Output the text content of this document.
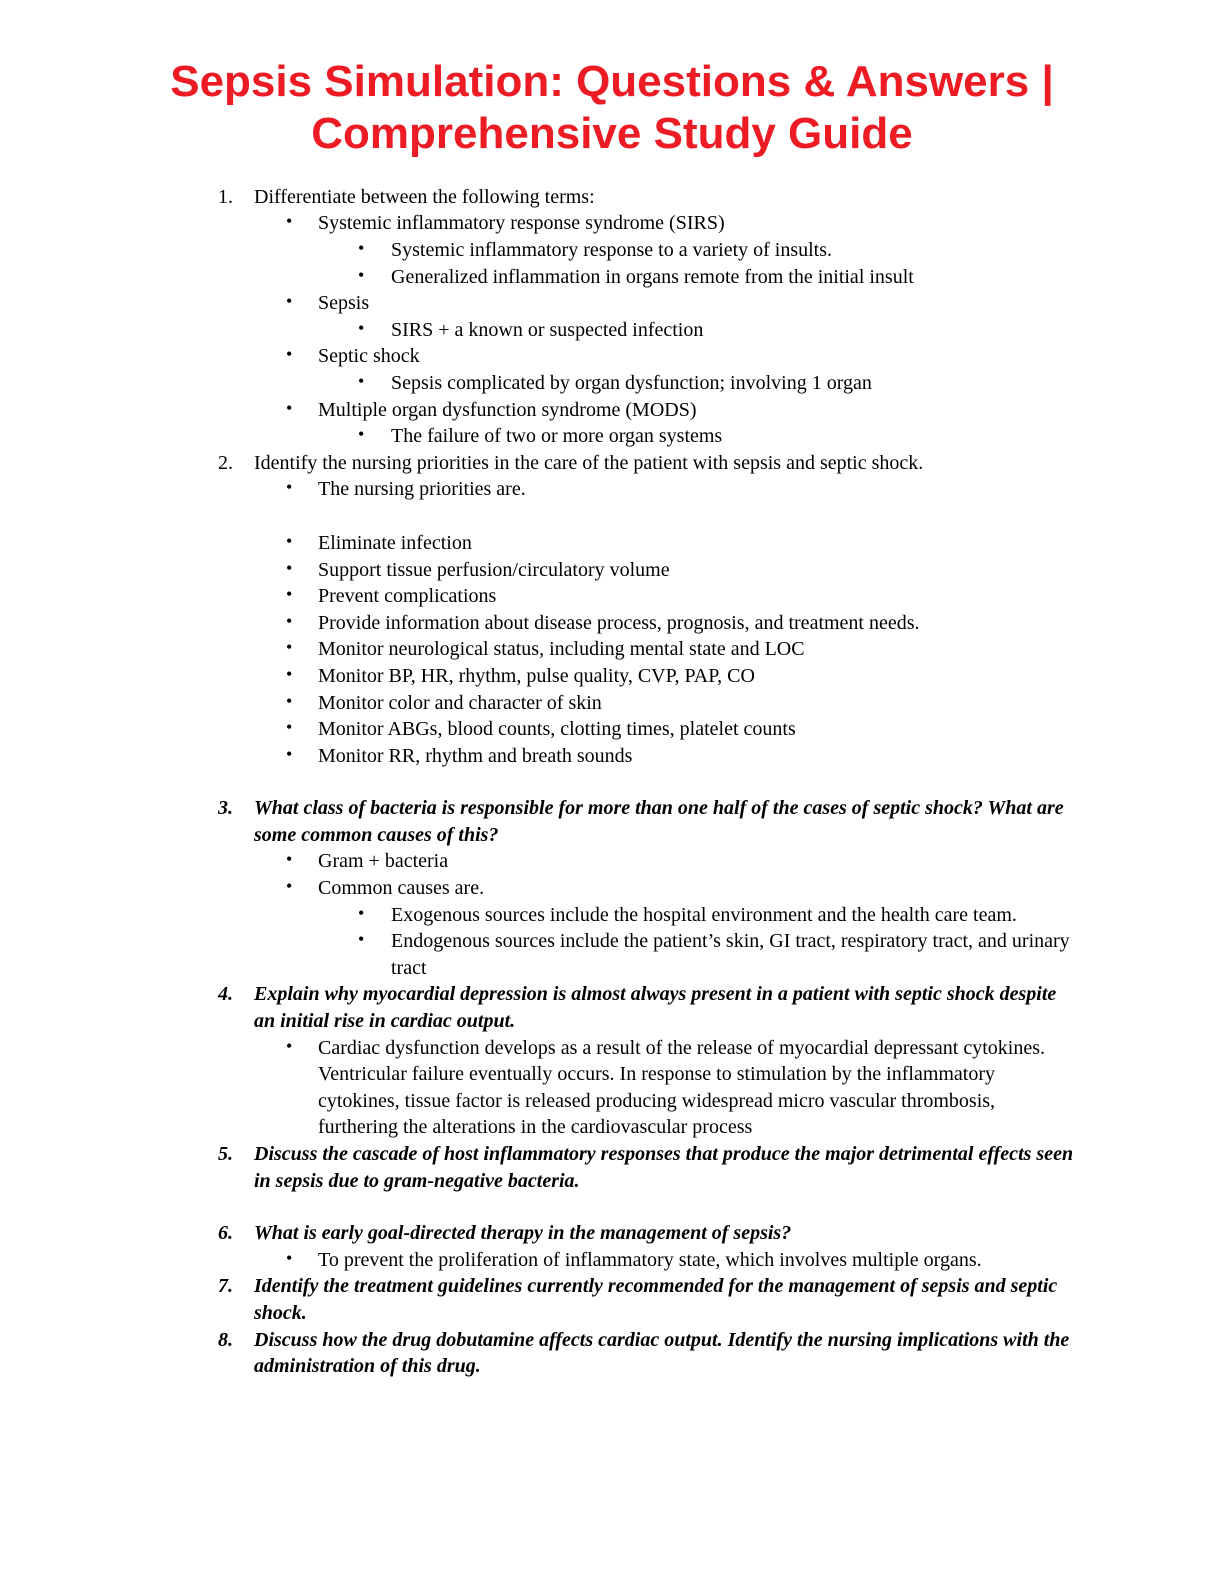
Sepsis Simulation: Questions & Answers |
Comprehensive Study Guide
1.	Differentiate between the following terms:
•	Systemic inflammatory response syndrome (SIRS)
•	Systemic inflammatory response to a variety of insults.
•	Generalized inflammation in organs remote from the initial insult
•	Sepsis
•	SIRS + a known or suspected infection
•	Septic shock
•	Sepsis complicated by organ dysfunction; involving 1 organ
•	Multiple organ dysfunction syndrome (MODS)
•	The failure of two or more organ systems
2.	Identify the nursing priorities in the care of the patient with sepsis and septic shock.
•	The nursing priorities are.
•	Eliminate infection
•	Support tissue perfusion/circulatory volume
•	Prevent complications
•	Provide information about disease process, prognosis, and treatment needs.
•	Monitor neurological status, including mental state and LOC
•	Monitor BP, HR, rhythm, pulse quality, CVP, PAP, CO
•	Monitor color and character of skin
•	Monitor ABGs, blood counts, clotting times, platelet counts
•	Monitor RR, rhythm and breath sounds
3.	What class of bacteria is responsible for more than one half of the cases of septic shock? What are some common causes of this?
•	Gram + bacteria
•	Common causes are.
•	Exogenous sources include the hospital environment and the health care team.
•	Endogenous sources include the patient’s skin, GI tract, respiratory tract, and urinary tract
4.	Explain why myocardial depression is almost always present in a patient with septic shock despite an initial rise in cardiac output.
•	Cardiac dysfunction develops as a result of the release of myocardial depressant cytokines. Ventricular failure eventually occurs. In response to stimulation by the inflammatory cytokines, tissue factor is released producing widespread micro vascular thrombosis, furthering the alterations in the cardiovascular process
5.	Discuss the cascade of host inflammatory responses that produce the major detrimental effects seen in sepsis due to gram-negative bacteria.
6.	What is early goal-directed therapy in the management of sepsis?
•	To prevent the proliferation of inflammatory state, which involves multiple organs.
7.	Identify the treatment guidelines currently recommended for the management of sepsis and septic shock.
8.	Discuss how the drug dobutamine affects cardiac output. Identify the nursing implications with the administration of this drug.
